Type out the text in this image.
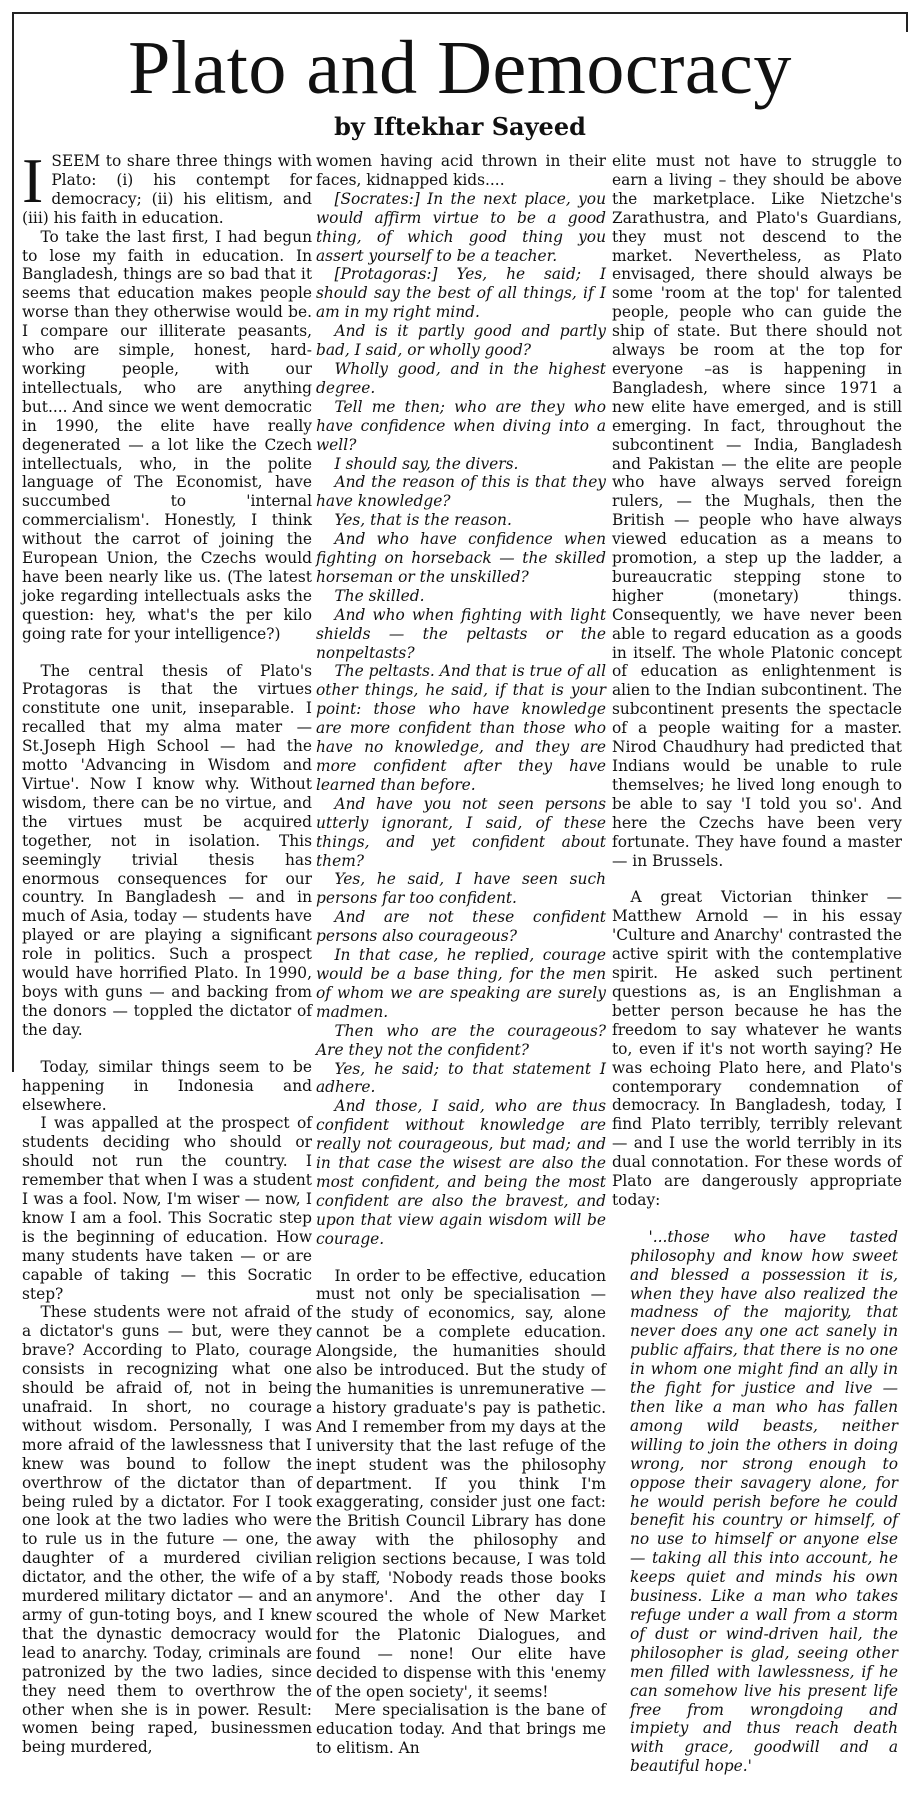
Plato and Democracy
by Iftekhar Sayeed

ISEEM to share three things with Plato: (i) his contempt for democracy; (ii) his elitism, and (iii) his faith in education.

To take the last first, I had begun to lose my faith in education. In Bangladesh, things are so bad that it seems that education makes people worse than they otherwise would be. I compare our illiterate peasants, who are simple, honest, hard-working people, with our intellectuals, who are anything but.... And since we went democratic in 1990, the elite have really degenerated — a lot like the Czech intellectuals, who, in the polite language of The Economist, have succumbed to 'internal commercialism'. Honestly, I think without the carrot of joining the European Union, the Czechs would have been nearly like us. (The latest joke regarding intellectuals asks the question: hey, what's the per kilo going rate for your intelligence?)

The central thesis of Plato's Protagoras is that the virtues constitute one unit, inseparable. I recalled that my alma mater — St.Joseph High School — had the motto 'Advancing in Wisdom and Virtue'. Now I know why. Without wisdom, there can be no virtue, and the virtues must be acquired together, not in isolation. This seemingly trivial thesis has enormous consequences for our country. In Bangladesh — and in much of Asia, today — students have played or are playing a significant role in politics. Such a prospect would have horrified Plato. In 1990, boys with guns — and backing from the donors — toppled the dictator of the day.

Today, similar things seem to be happening in Indonesia and elsewhere.

I was appalled at the prospect of students deciding who should or should not run the country. I remember that when I was a student I was a fool. Now, I'm wiser — now, I know I am a fool. This Socratic step is the beginning of education. How many students have taken — or are capable of taking — this Socratic step?

These students were not afraid of a dictator's guns — but, were they brave? According to Plato, courage consists in recognizing what one should be afraid of, not in being unafraid. In short, no courage without wisdom. Personally, I was more afraid of the lawlessness that I knew was bound to follow the overthrow of the dictator than of being ruled by a dictator. For I took one look at the two ladies who were to rule us in the future — one, the daughter of a murdered civilian dictator, and the other, the wife of a murdered military dictator — and an army of gun-toting boys, and I knew that the dynastic democracy would lead to anarchy. Today, criminals are patronized by the two ladies, since they need them to overthrow the other when she is in power. Result: women being raped, businessmen being murdered,

women having acid thrown in their faces, kidnapped kids....

[Socrates:] In the next place, you would affirm virtue to be a good thing, of which good thing you assert yourself to be a teacher.

[Protagoras:] Yes, he said; I should say the best of all things, if I am in my right mind.

And is it partly good and partly bad, I said, or wholly good?

Wholly good, and in the highest degree.

Tell me then; who are they who have confidence when diving into a well?

I should say, the divers.

And the reason of this is that they have knowledge?

Yes, that is the reason.

And who have confidence when fighting on horseback — the skilled horseman or the unskilled?

The skilled.

And who when fighting with light shields — the peltasts or the nonpeltasts?

The peltasts. And that is true of all other things, he said, if that is your point: those who have knowledge are more confident than those who have no knowledge, and they are more confident after they have learned than before.

And have you not seen persons utterly ignorant, I said, of these things, and yet confident about them?

Yes, he said, I have seen such persons far too confident.

And are not these confident persons also courageous?

In that case, he replied, courage would be a base thing, for the men of whom we are speaking are surely madmen.

Then who are the courageous? Are they not the confident?

Yes, he said; to that statement I adhere.

And those, I said, who are thus confident without knowledge are really not courageous, but mad; and in that case the wisest are also the most confident, and being the most confident are also the bravest, and upon that view again wisdom will be courage.

In order to be effective, education must not only be specialisation — the study of economics, say, alone cannot be a complete education. Alongside, the humanities should also be introduced. But the study of the humanities is unremunerative — a history graduate's pay is pathetic. And I remember from my days at the university that the last refuge of the inept student was the philosophy department. If you think I'm exaggerating, consider just one fact: the British Council Library has done away with the philosophy and religion sections because, I was told by staff, 'Nobody reads those books anymore'. And the other day I scoured the whole of New Market for the Platonic Dialogues, and found — none! Our elite have decided to dispense with this 'enemy of the open society', it seems!

Mere specialisation is the bane of education today. And that brings me to elitism. An

elite must not have to struggle to earn a living – they should be above the marketplace. Like Nietzche's Zarathustra, and Plato's Guardians, they must not descend to the market. Nevertheless, as Plato envisaged, there should always be some 'room at the top' for talented people, people who can guide the ship of state. But there should not always be room at the top for everyone –as is happening in Bangladesh, where since 1971 a new elite have emerged, and is still emerging. In fact, throughout the subcontinent — India, Bangladesh and Pakistan — the elite are people who have always served foreign rulers, — the Mughals, then the British — people who have always viewed education as a means to promotion, a step up the ladder, a bureaucratic stepping stone to higher (monetary) things. Consequently, we have never been able to regard education as a goods in itself. The whole Platonic concept of education as enlightenment is alien to the Indian subcontinent. The subcontinent presents the spectacle of a people waiting for a master. Nirod Chaudhury had predicted that Indians would be unable to rule themselves; he lived long enough to be able to say 'I told you so'. And here the Czechs have been very fortunate. They have found a master — in Brussels.

A great Victorian thinker — Matthew Arnold — in his essay 'Culture and Anarchy' contrasted the active spirit with the contemplative spirit. He asked such pertinent questions as, is an Englishman a better person because he has the freedom to say whatever he wants to, even if it's not worth saying? He was echoing Plato here, and Plato's contemporary condemnation of democracy. In Bangladesh, today, I find Plato terribly, terribly relevant — and I use the world terribly in its dual connotation. For these words of Plato are dangerously appropriate today:

'...those who have tasted philosophy and know how sweet and blessed a possession it is, when they have also realized the madness of the majority, that never does any one act sanely in public affairs, that there is no one in whom one might find an ally in the fight for justice and live — then like a man who has fallen among wild beasts, neither willing to join the others in doing wrong, nor strong enough to oppose their savagery alone, for he would perish before he could benefit his country or himself, of no use to himself or anyone else — taking all this into account, he keeps quiet and minds his own business. Like a man who takes refuge under a wall from a storm of dust or wind-driven hail, the philosopher is glad, seeing other men filled with lawlessness, if he can somehow live his present life free from wrongdoing and impiety and thus reach death with grace, goodwill and a beautiful hope.'
